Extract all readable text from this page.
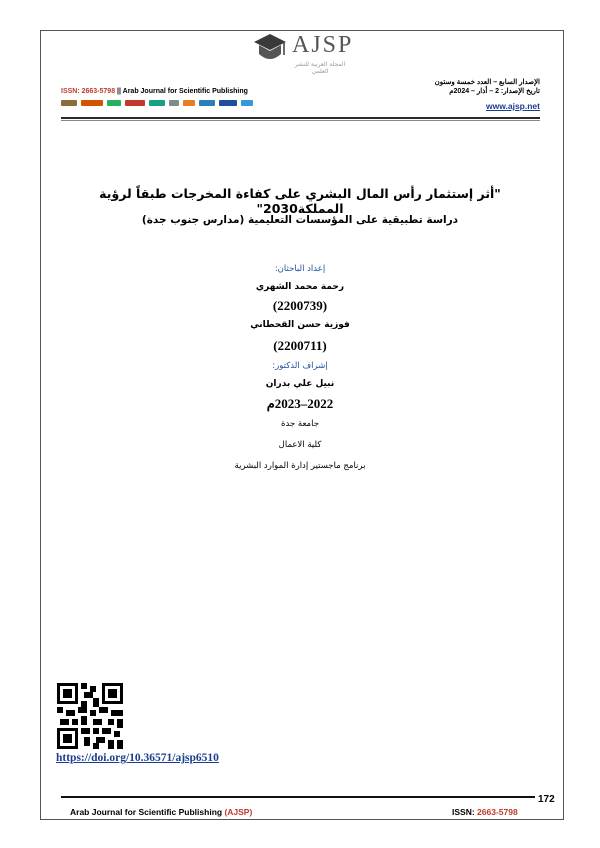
AJSP
المجلة العربية للنشر العلمي
ISSN: 2663-5798 || Arab Journal for Scientific Publishing
الإصدار السابع – العدد خمسة وستون
تاريخ الإصدار: 2 – أذار – 2024م
www.ajsp.net
"أثر إستثمار رأس المال البشري على كفاءة المخرجات طبقاً لرؤية المملكة2030"
دراسة تطبيقية على المؤسسات التعليمية (مدارس جنوب جدة)
إعداد الباحثان:
رحمة محمد الشهري
(2200739)
فوزية حسن القحطاني
(2200711)
إشراف الدكتور:
نبيل علي بدران
2022–2023م
جامعة جدة
كلية الاعمال
برنامج ماجستير إدارة الموارد البشرية
https://doi.org/10.36571/ajsp6510
172
Arab Journal for Scientific Publishing (AJSP)	ISSN: 2663-5798
